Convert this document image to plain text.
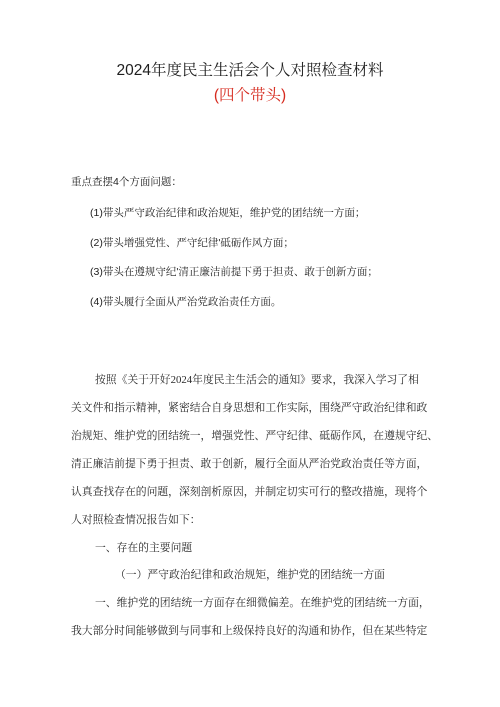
2024年度民主生活会个人对照检查材料
(四个带头)
重点查摆4个方面问题：
(1)带头严守政治纪律和政治规矩，维护党的团结统一方面；
(2)带头增强党性、严守纪律'砥砺作风方面；
(3)带头在遵规守纪'清正廉洁前提下勇于担责、敢于创新方面；
(4)带头履行全面从严治党政治责任方面。
按照《关于开好2024年度民主生活会的通知》要求，我深入学习了相
关文件和指示精神，紧密结合自身思想和工作实际，围绕严守政治纪律和政
治规矩、维护党的团结统一，增强党性、严守纪律、砥砺作风，在遵规守纪、
清正廉洁前提下勇于担责、敢于创新，履行全面从严治党政治责任等方面，
认真查找存在的问题，深刻剖析原因，并制定切实可行的整改措施，现将个
人对照检查情况报告如下：
一、存在的主要问题
（一）严守政治纪律和政治规矩，维护党的团结统一方面
一、维护党的团结统一方面存在细微偏差。在维护党的团结统一方面，
我大部分时间能够做到与同事和上级保持良好的沟通和协作，但在某些特定
